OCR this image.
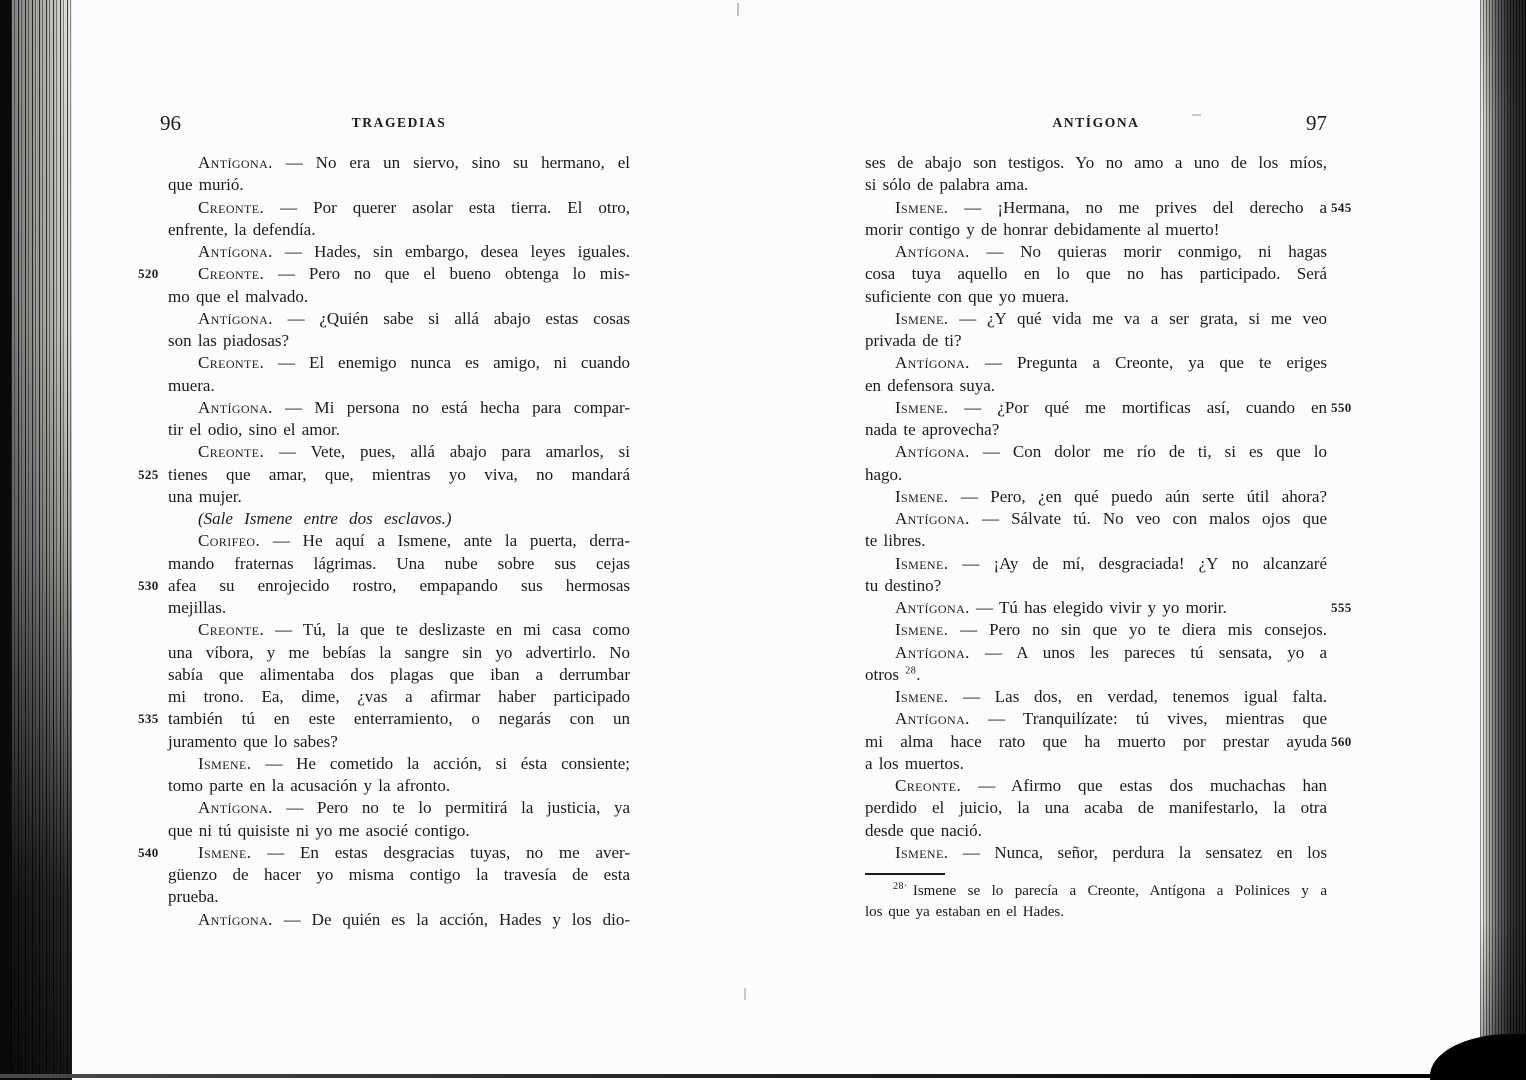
96	TRAGEDIAS
Antígona. — No era un siervo, sino su hermano, el
que murió.
Creonte. — Por querer asolar esta tierra. El otro,
enfrente, la defendía.
Antígona. — Hades, sin embargo, desea leyes iguales.
520 Creonte. — Pero no que el bueno obtenga lo mis-
mo que el malvado.
Antígona. — ¿Quién sabe si allá abajo estas cosas
son las piadosas?
Creonte. — El enemigo nunca es amigo, ni cuando
muera.
Antígona. — Mi persona no está hecha para compar-
tir el odio, sino el amor.
Creonte. — Vete, pues, allá abajo para amarlos, si
525 tienes que amar, que, mientras yo viva, no mandará
una mujer.
(Sale Ismene entre dos esclavos.)
Corifeo. — He aquí a Ismene, ante la puerta, derra-
mando fraternas lágrimas. Una nube sobre sus cejas
530 afea su enrojecido rostro, empapando sus hermosas
mejillas.
Creonte. — Tú, la que te deslizaste en mi casa como
una víbora, y me bebías la sangre sin yo advertirlo. No
sabía que alimentaba dos plagas que iban a derrumbar
mi trono. Ea, dime, ¿vas a afirmar haber participado
535 también tú en este enterramiento, o negarás con un
juramento que lo sabes?
Ismene. — He cometido la acción, si ésta consiente;
tomo parte en la acusación y la afronto.
Antígona. — Pero no te lo permitirá la justicia, ya
que ni tú quisiste ni yo me asocié contigo.
540 Ismene. — En estas desgracias tuyas, no me aver-
güenzo de hacer yo misma contigo la travesía de esta
prueba.
Antígona. — De quién es la acción, Hades y los dio-
ANTÍGONA	97
ses de abajo son testigos. Yo no amo a uno de los míos,
si sólo de palabra ama.
545
Ismene. — ¡Hermana, no me prives del derecho a
morir contigo y de honrar debidamente al muerto!
Antígona. — No quieras morir conmigo, ni hagas
cosa tuya aquello en lo que no has participado. Será
suficiente con que yo muera.
Ismene. — ¿Y qué vida me va a ser grata, si me veo
privada de ti?
Antígona. — Pregunta a Creonte, ya que te eriges
en defensora suya.
550
Ismene. — ¿Por qué me mortificas así, cuando en
nada te aprovecha?
Antígona. — Con dolor me río de ti, si es que lo
hago.
Ismene. — Pero, ¿en qué puedo aún serte útil ahora?
Antígona. — Sálvate tú. No veo con malos ojos que
te libres.
Ismene. — ¡Ay de mí, desgraciada! ¿Y no alcanzaré
tu destino?
555
Antígona. — Tú has elegido vivir y yo morir.
Ismene. — Pero no sin que yo te diera mis consejos.
Antígona. — A unos les pareces tú sensata, yo a
otros $^{28}$.
Ismene. — Las dos, en verdad, tenemos igual falta.
Antígona. — Tranquilízate: tú vives, mientras que
560
mi alma hace rato que ha muerto por prestar ayuda
a los muertos.
Creonte. — Afirmo que estas dos muchachas han
perdido el juicio, la una acaba de manifestarlo, la otra
desde que nació.
Ismene. — Nunca, señor, perdura la sensatez en los
$^{28\cdot}$ Ismene se lo parecía a Creonte, Antígona a Polinices y a
los que ya estaban en el Hades.
